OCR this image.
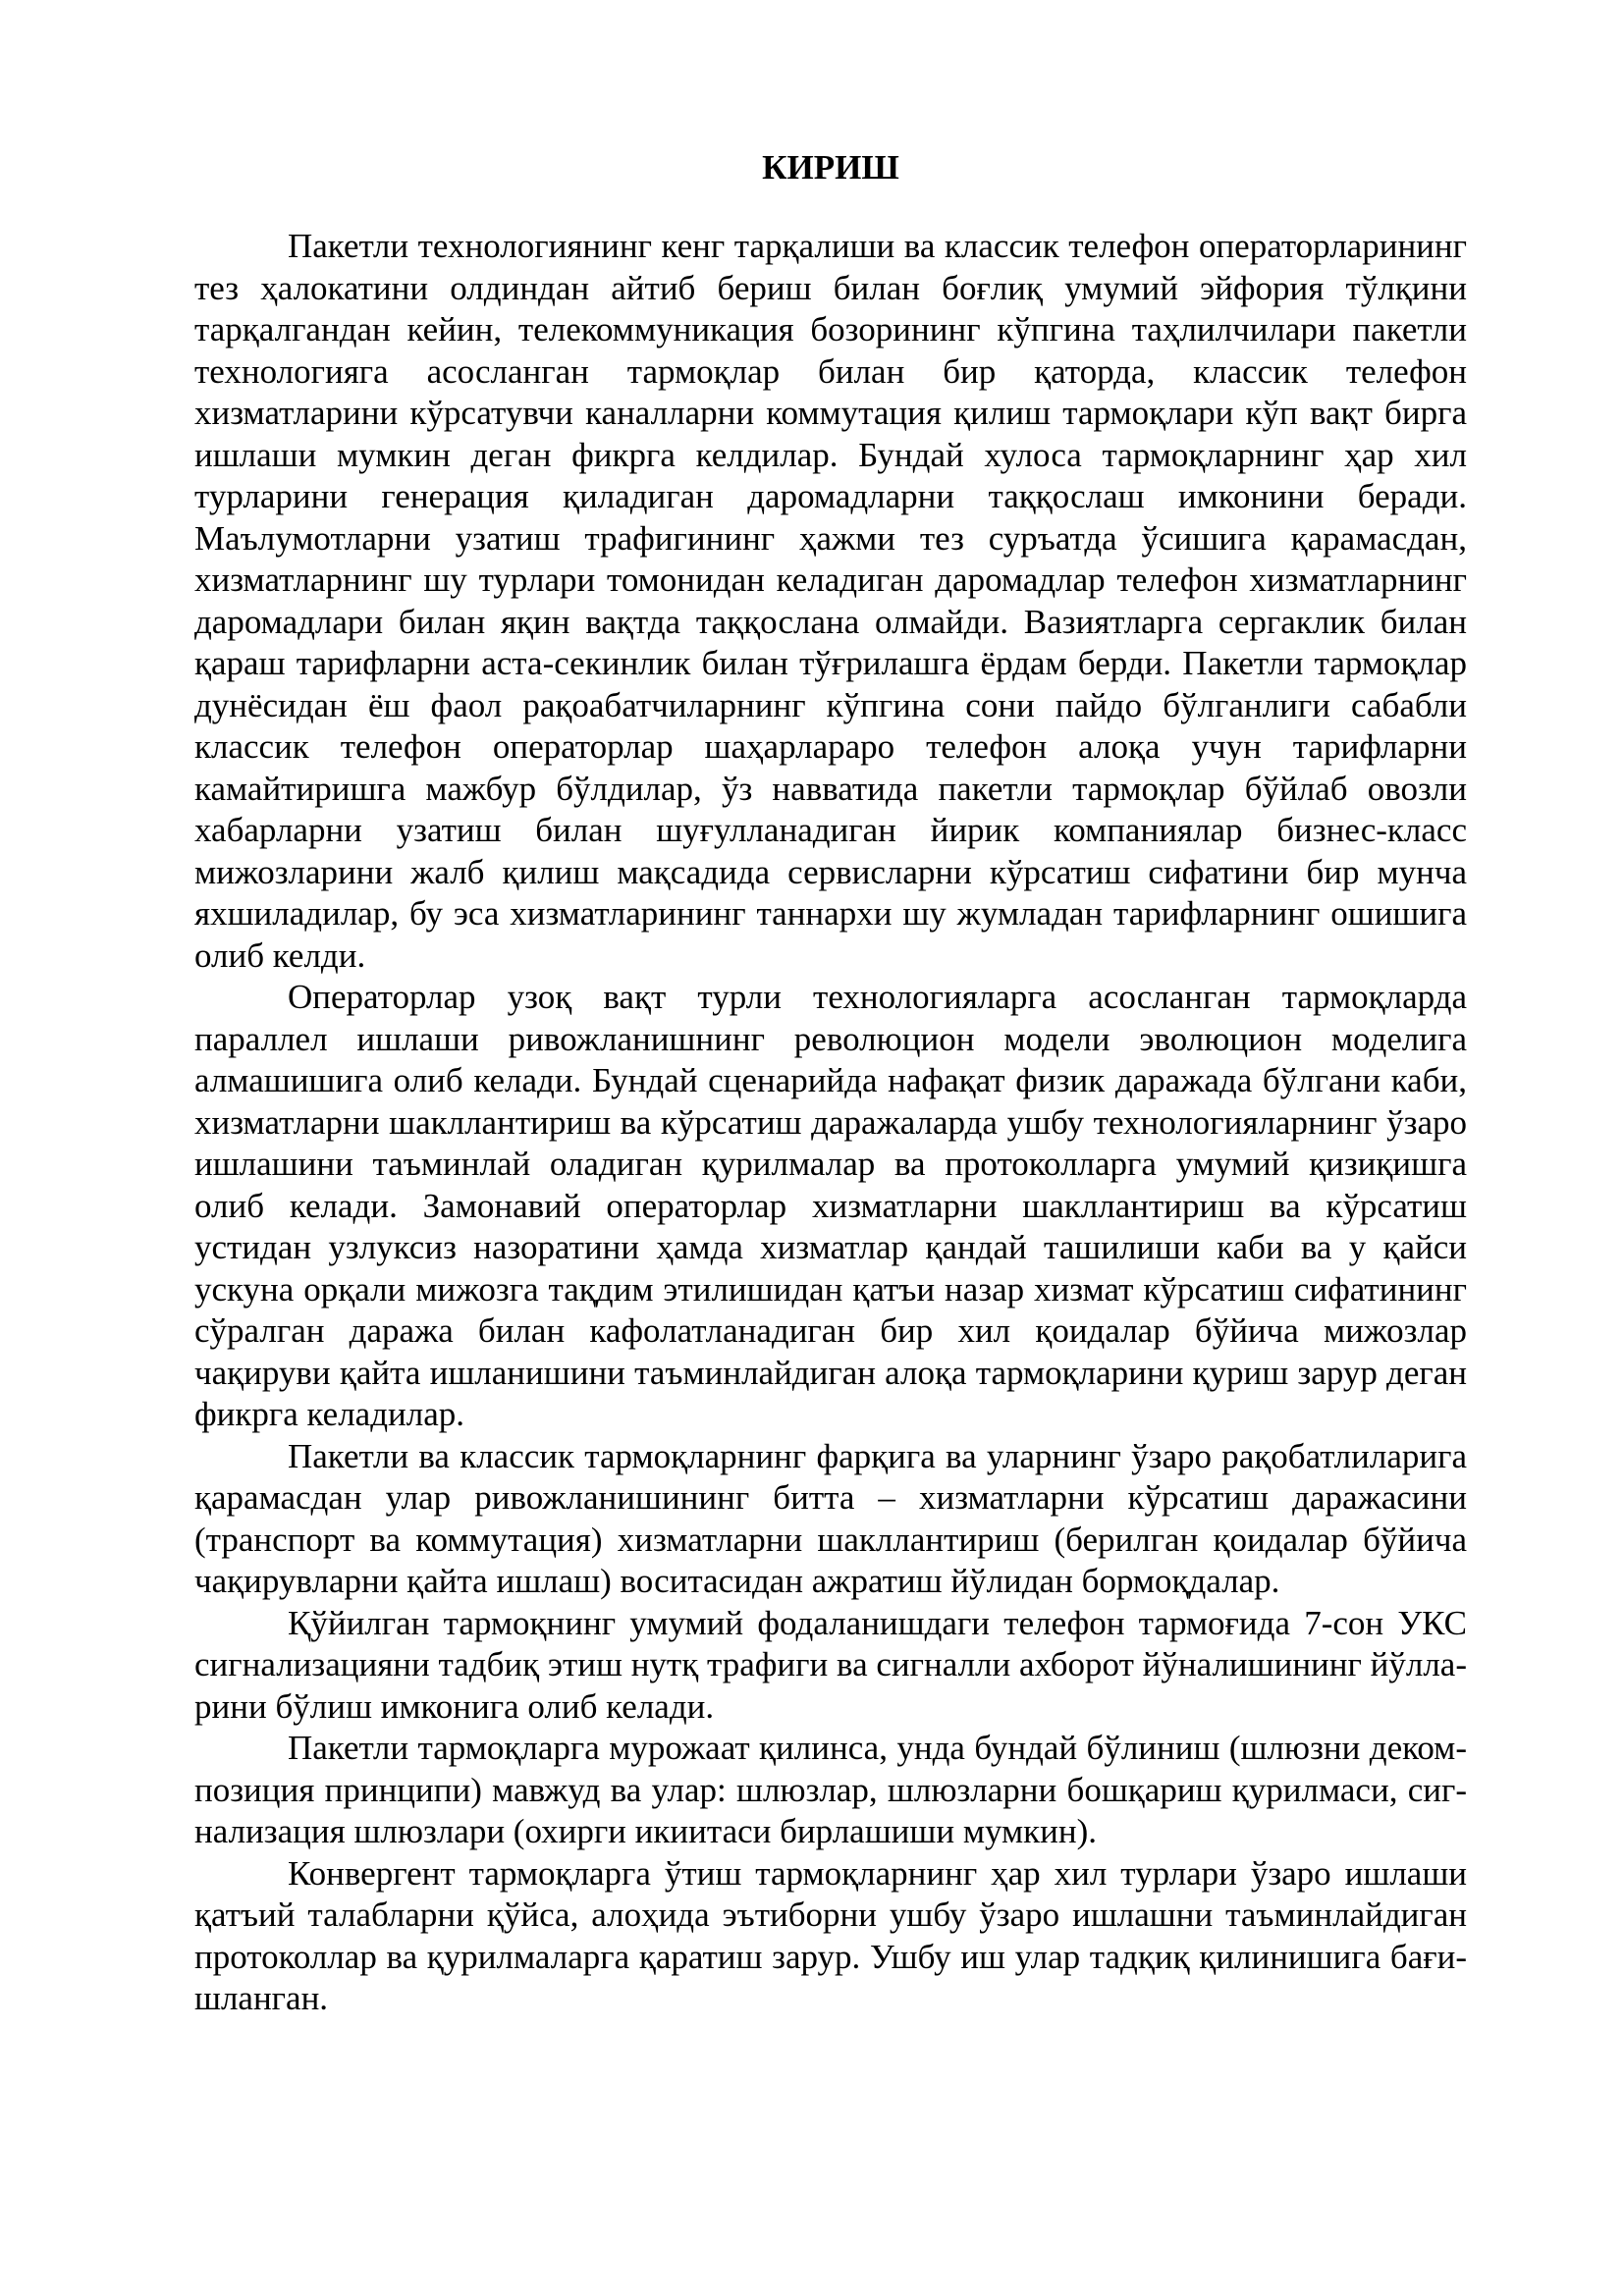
КИРИШ

Пакетли технологиянинг кенг тарқалиши ва классик телефон операторларининг тез ҳалокатини олдиндан айтиб бериш билан боғлиқ умумий эйфория тўлқини тарқалгандан кейин, телекоммуникация бозорининг кўпгина таҳлилчилари пакетли технологияга асосланган тармоқлар билан бир қаторда, классик телефон хизматларини кўрсатувчи каналларни коммутация қилиш тармоқлари кўп вақт бирга ишлаши мумкин деган фикрга келдилар. Бундай хулоса тармоқларнинг ҳар хил турларини генерация қиладиган даромадларни таққослаш имконини беради. Маълумотларни узатиш трафигининг ҳажми тез суръатда ўсишига қарамасдан, хизматларнинг шу турлари томонидан келадиган даромадлар телефон хизматларнинг даромадлари билан яқин вақтда таққослана олмайди. Вазиятларга сергаклик билан қараш тарифларни аста-секинлик билан тўғрилашга ёрдам берди. Пакетли тармоқлар дунёсидан ёш фаол рақоабатчиларнинг кўпгина сони пайдо бўлганлиги сабабли классик телефон операторлар шаҳарлараро телефон алоқа учун тарифларни камайтиришга мажбур бўлдилар, ўз навватида пакетли тармоқлар бўйлаб овозли хабарларни узатиш билан шуғулланадиган йирик компаниялар бизнес-класс мижозларини жалб қилиш мақсадида сервисларни кўрсатиш сифатини бир мунча яхшиладилар, бу эса хизматларининг таннархи шу жумладан тарифларнинг ошишига олиб келди.

Операторлар узоқ вақт турли технологияларга асосланган тармоқларда параллел ишлаши ривожланишнинг революцион модели эволюцион моделига алмашишига олиб келади. Бундай сценарийда нафақат физик даражада бўлгани каби, хизматларни шакллантириш ва кўрсатиш даражаларда ушбу технологияларнинг ўзаро ишлашини таъминлай оладиган қурилмалар ва протоколларга умумий қизиқишга олиб келади. Замонавий операторлар хизматларни шакллантириш ва кўрсатиш устидан узлуксиз назоратини ҳамда хизматлар қандай ташилиши каби ва у қайси ускуна орқали мижозга тақдим этилишидан қатъи назар хизмат кўрсатиш сифатининг сўралган даража билан кафолатланадиган бир хил қоидалар бўйича мижозлар чақируви қайта ишланишини таъминлайдиган алоқа тармоқларини қуриш зарур деган фикрга келадилар.

Пакетли ва классик тармоқларнинг фарқига ва уларнинг ўзаро рақобатлиларига қарамасдан улар ривожланишининг битта – хизматларни кўрсатиш даражасини (транспорт ва коммутация) хизматларни шакллантириш (берилган қоидалар бўйича чақирувларни қайта ишлаш) воситасидан ажратиш йўлидан бормоқдалар.

Қўйилган тармоқнинг умумий фодаланишдаги телефон тармоғида 7-сон УКС сигнализацияни тадбиқ этиш нутқ трафиги ва сигналли ахборот йўналишининг йўлларини бўлиш имконига олиб келади.

Пакетли тармоқларга мурожаат қилинса, унда бундай бўлиниш (шлюзни декомпозиция принципи) мавжуд ва улар: шлюзлар, шлюзларни бошқариш қурилмаси, сигнализация шлюзлари (охирги икиитаси бирлашиши мумкин).

Конвергент тармоқларга ўтиш тармоқларнинг ҳар хил турлари ўзаро ишлаши қатъий талабларни қўйса, алоҳида эътиборни ушбу ўзаро ишлашни таъминлайдиган протоколлар ва қурилмаларга қаратиш зарур. Ушбу иш улар тадқиқ қилинишига бағишланган.
